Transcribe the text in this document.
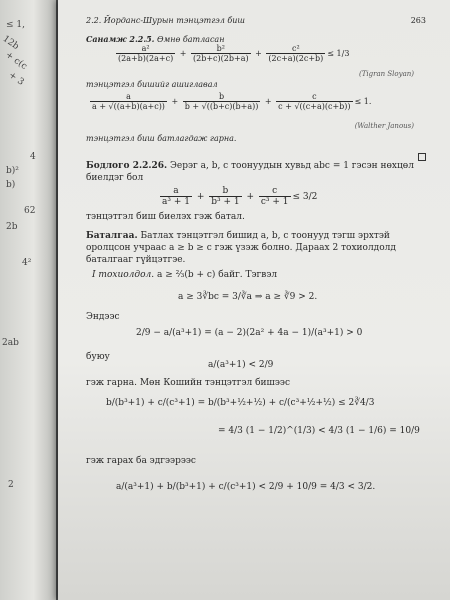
≤ 1,
12b
+ c(c
+ 3
4
b)²
b)
62
2b
4²
2ab
2
2.2. Йорданс-Шурын тэнцэтгэл биш	263
Санамж 2.2.5. Өмнө батласан
$\frac{\text{a²}}{(2a+b)(2a+c)} + \frac{\text{b²}}{(2b+c)(2b+a)} + \frac{\text{c²}}{(2c+a)(2c+b)} \le 1/3$
(Tigran Sloyan)
тэнцэтгэл бишийг ашиглавал
$\frac{a}{a + √((a+b)(a+c))} + \frac{b}{b + √((b+c)(b+a))} + \frac{c}{c + √((c+a)(c+b))} \le 1$.
(Walther Janous)
тэнцэтгэл биш батлагдаж гарна.
Бодлого 2.2.26. Эерэг a, b, c тоонуудын хувьд abc = 1 гэсэн нөхцөл биелдэг бол
$\frac{a}{\text{a³ + 1}} + \frac{b}{\text{b³ + 1}} + \frac{c}{\text{c³ + 1}} \le 3/2$
тэнцэтгэл биш биелэх гэж батал.
Баталгаа. Батлах тэнцэтгэл бишид a, b, c тоонууд тэгш эрхтэй оролцсон учраас a ≥ b ≥ c гэж үзэж болно. Дараах 2 тохиолдолд баталгааг гүйцэтгэе.
I тохиолдол. a ≥ ⅔(b + c) байг. Тэгвэл
a ≥ 3∛bc = 3/∛a ⇒ a ≥ ∛9 > 2.
Эндээс
2/9 − a/(a³+1) = (a − 2)(2a² + 4a − 1)/(a³+1) > 0
буюу
a/(a³+1) < 2/9
гэж гарна. Мөн Кошийн тэнцэтгэл бишээс
b/(b³+1) + c/(c³+1) = b/(b³+½+½) + c/(c³+½+½) ≤ 2∛4/3
= 4/3 (1 − 1/2)^(1/3) < 4/3 (1 − 1/6) = 10/9
гэж гарах ба эдгээрээс
a/(a³+1) + b/(b³+1) + c/(c³+1) < 2/9 + 10/9 = 4/3 < 3/2.
